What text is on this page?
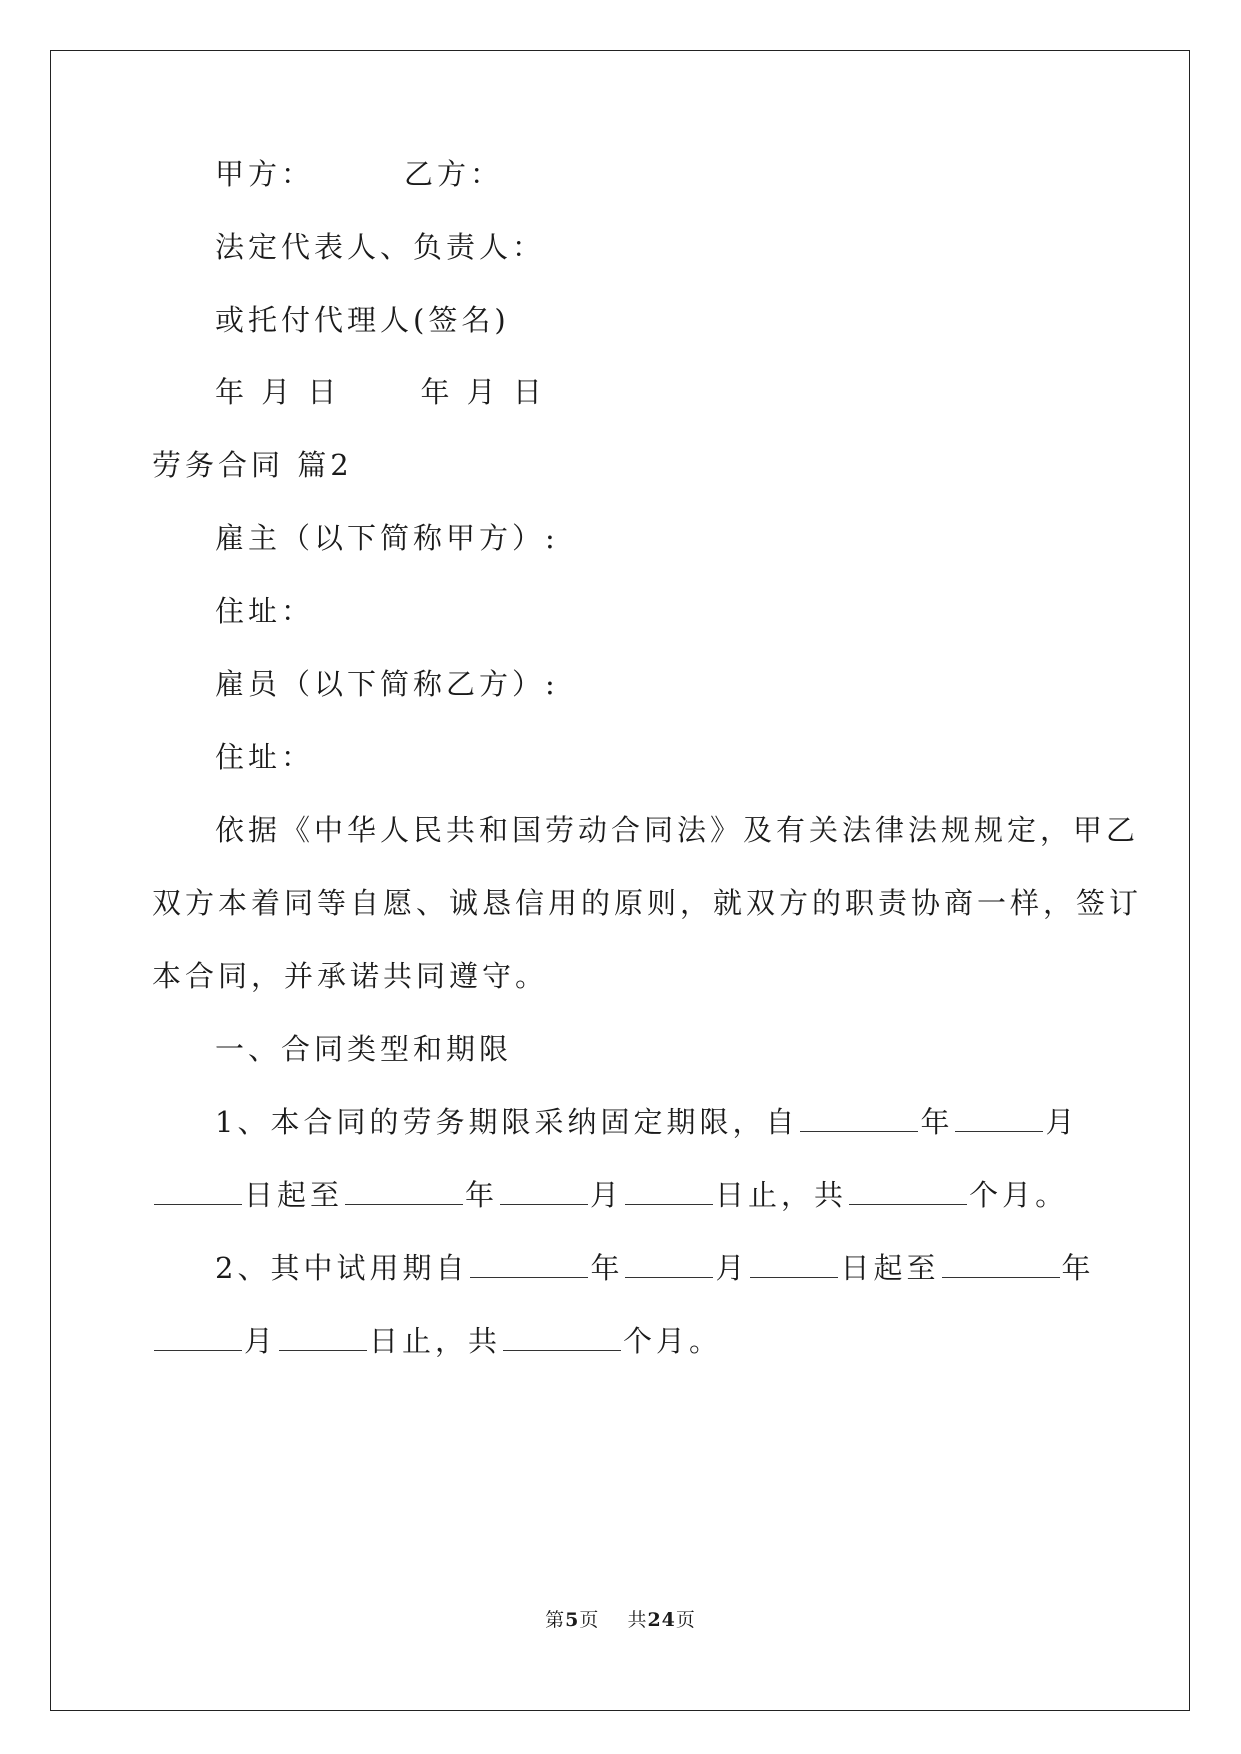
甲方：	乙方：
法定代表人、负责人：
或托付代理人(签名)
年 月 日	年 月 日
劳务合同 篇2
雇主（以下简称甲方）:
住址：
雇员（以下简称乙方）:
住址：
依据《中华人民共和国劳动合同法》及有关法律法规规定，甲乙
双方本着同等自愿、诚恳信用的原则，就双方的职责协商一样，签订
本合同，并承诺共同遵守。
一、合同类型和期限
1、本合同的劳务期限采纳固定期限，自	年	月
日起至	年	月	日止，共	个月。
2、其中试用期自	年	月	日起至	年
月	日止，共	个月。
第5页 共24页
